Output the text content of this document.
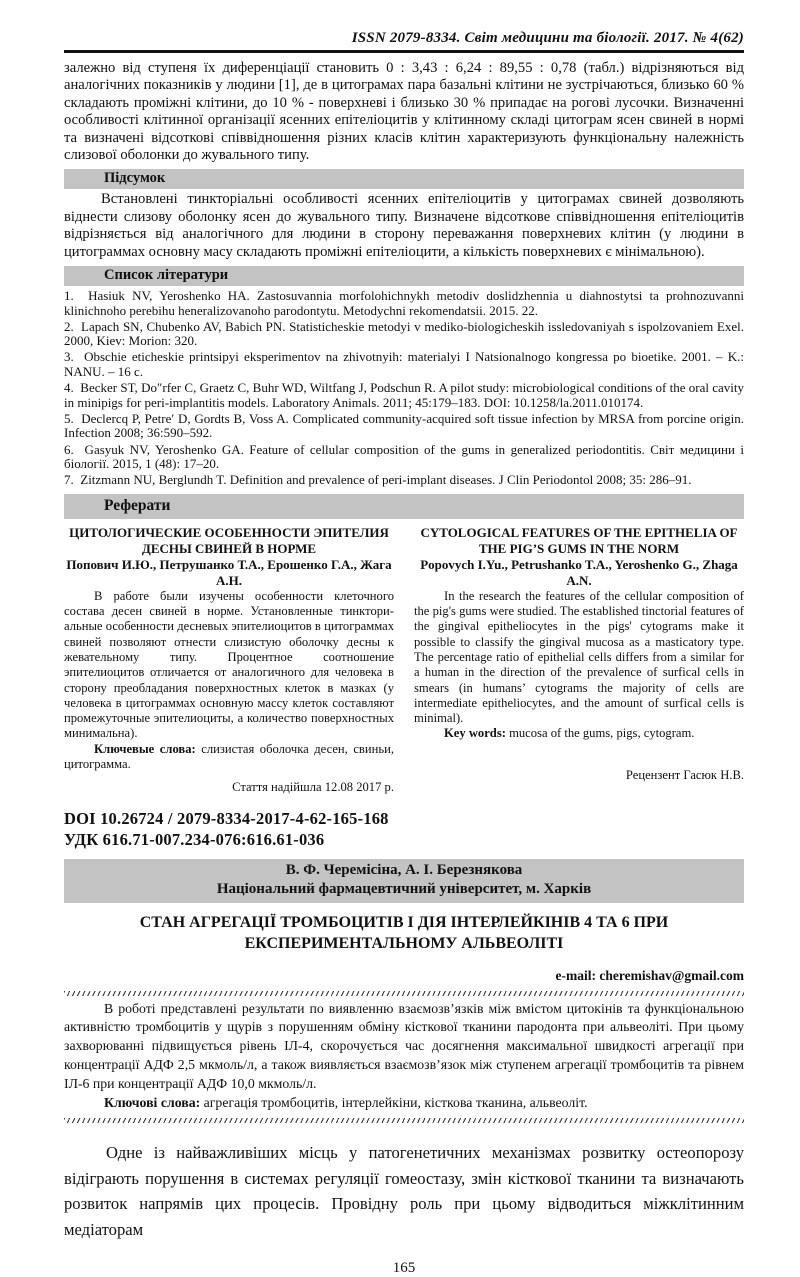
ISSN 2079-8334. Світ медицини та біології. 2017. № 4(62)
залежно від ступеня їх диференціації становить 0 : 3,43 : 6,24 : 89,55 : 0,78 (табл.) відрізняються від аналогічних показників у людини [1], де в цитограмах пара базальні клітини не зустрічаються, близько 60 % складають проміжні клітини, до 10 % - поверхневі і близько 30 % припадає на рогові лусочки. Визначенні особливості клітинної організації ясенних епітеліоцитів у клітинному складі цитограм ясен свиней в нормі та визначені відсоткові співвідношення різних класів клітин характеризують функціональну належність слизової оболонки до жувального типу.
Підсумок
Встановлені тинкторіальні особливості ясенних епітеліоцитів у цитограмах свиней дозволяють віднести слизову оболонку ясен до жувального типу. Визначене відсоткове співвідношення епітеліоцитів відрізняється від аналогічного для людини в сторону переважання поверхневих клітин (у людини в цитограммах основну масу складають проміжні епітеліоцити, а кількість поверхневих є мінімальною).
Список літератури
1.  Hasiuk NV, Yeroshenko HA. Zastosuvannia morfolohichnykh metodiv doslidzhennia u diahnostytsi ta prohnozuvanni klinichnoho perebihu heneralizovanoho parodontytu. Metodychni rekomendatsii. 2015. 22.
2.  Lapach SN, Chubenko AV, Babich PN. Statisticheskie metodyi v mediko-biologicheskih issledovaniyah s ispolzovaniem Exel. 2000, Kiev: Morion: 320.
3.  Obschie eticheskie printsipyi eksperimentov na zhivotnyih: materialyi I Natsionalnogo kongressa po bioetike. 2001. – K.: NANU. – 16 c.
4.  Becker ST, Do″rfer C, Graetz C, Buhr WD, Wiltfang J, Podschun R. A pilot study: microbiological conditions of the oral cavity in minipigs for peri-implantitis models. Laboratory Animals. 2011; 45:179–183. DOI: 10.1258/la.2011.010174.
5.  Declercq P, Petre′ D, Gordts B, Voss A. Complicated community-acquired soft tissue infection by MRSA from porcine origin. Infection 2008; 36:590–592.
6.  Gasyuk NV, Yeroshenko GA. Feature of cellular composition of the gums in generalized periodontitis. Світ медицини і біології. 2015, 1 (48): 17–20.
7.  Zitzmann NU, Berglundh T. Definition and prevalence of peri-implant diseases. J Clin Periodontol 2008; 35: 286–91.
Реферати
ЦИТОЛОГИЧЕСКИЕ ОСОБЕННОСТИ ЭПИТЕЛИЯ ДЕСНЫ СВИНЕЙ В НОРМЕ
Попович И.Ю., Петрушанко Т.А., Ерошенко Г.А., Жага А.Н.
В работе были изучены особенности клеточного состава десен свиней в норме. Установленные тинктори-альные особенности десневых эпителиоцитов в цитограммах свиней позволяют отнести слизистую оболочку десны к жевательному типу. Процентное соотношение эпителиоцитов отличается от аналогичного для человека в сторону преобладания поверхностных клеток в мазках (у человека в цитограммах основную массу клеток составляют промежуточные эпителиоциты, а количество поверхностных минимальна).
Ключевые слова: слизистая оболочка десен, свиньи, цитограмма.
Стаття надійшла 12.08 2017 р.
CYTOLOGICAL FEATURES OF THE EPITHELIA OF THE PIG’S GUMS IN THE NORM
Popovych I.Yu., Petrushanko T.A., Yeroshenko G., Zhaga A.N.
In the research the features of the cellular composition of the pig's gums were studied. The established tinctorial features of the gingival epitheliocytes in the pigs' cytograms make it possible to classify the gingival mucosa as a masticatory type. The percentage ratio of epithelial cells differs from a similar for a human in the direction of the prevalence of surfical cells in smears (in humans’ cytograms the majority of cells are intermediate epitheliocytes, and the amount of surfical cells is minimal).
Key words: mucosa of the gums, pigs, cytogram.
Рецензент Гасюк Н.В.
DOI 10.26724 / 2079-8334-2017-4-62-165-168
УДК 616.71-007.234-076:616.61-036
В. Ф. Черемісіна, А. І. Березнякова
Національний фармацевтичний університет, м. Харків
СТАН АГРЕГАЦІЇ ТРОМБОЦИТІВ І ДІЯ ІНТЕРЛЕЙКІНІВ 4 ТА 6 ПРИ ЕКСПЕРИМЕНТАЛЬНОМУ АЛЬВЕОЛІТІ
e-mail: cheremishav@gmail.com
В роботі представлені результати по виявленню взаємозв’язків між вмістом цитокінів та функціональною активністю тромбоцитів у щурів з порушенням обміну кісткової тканини пародонта при альвеоліті. При цьому захворюванні підвищується рівень ІЛ-4, скорочується час досягнення максимальної швидкості агрегації при концентрації АДФ 2,5 мкмоль/л, а також виявляється взаємозв’язок між ступенем агрегації тромбоцитів та рівнем ІЛ-6 при концентрації АДФ 10,0 мкмоль/л.
Ключові слова: агрегація тромбоцитів, інтерлейкіни, кісткова тканина, альвеоліт.
Одне із найважливіших місць у патогенетичних механізмах розвитку остеопорозу відіграють порушення в системах регуляції гомеостазу, змін кісткової тканини та визначають розвиток напрямів цих процесів. Провідну роль при цьому відводиться міжклітинним медіаторам
165
